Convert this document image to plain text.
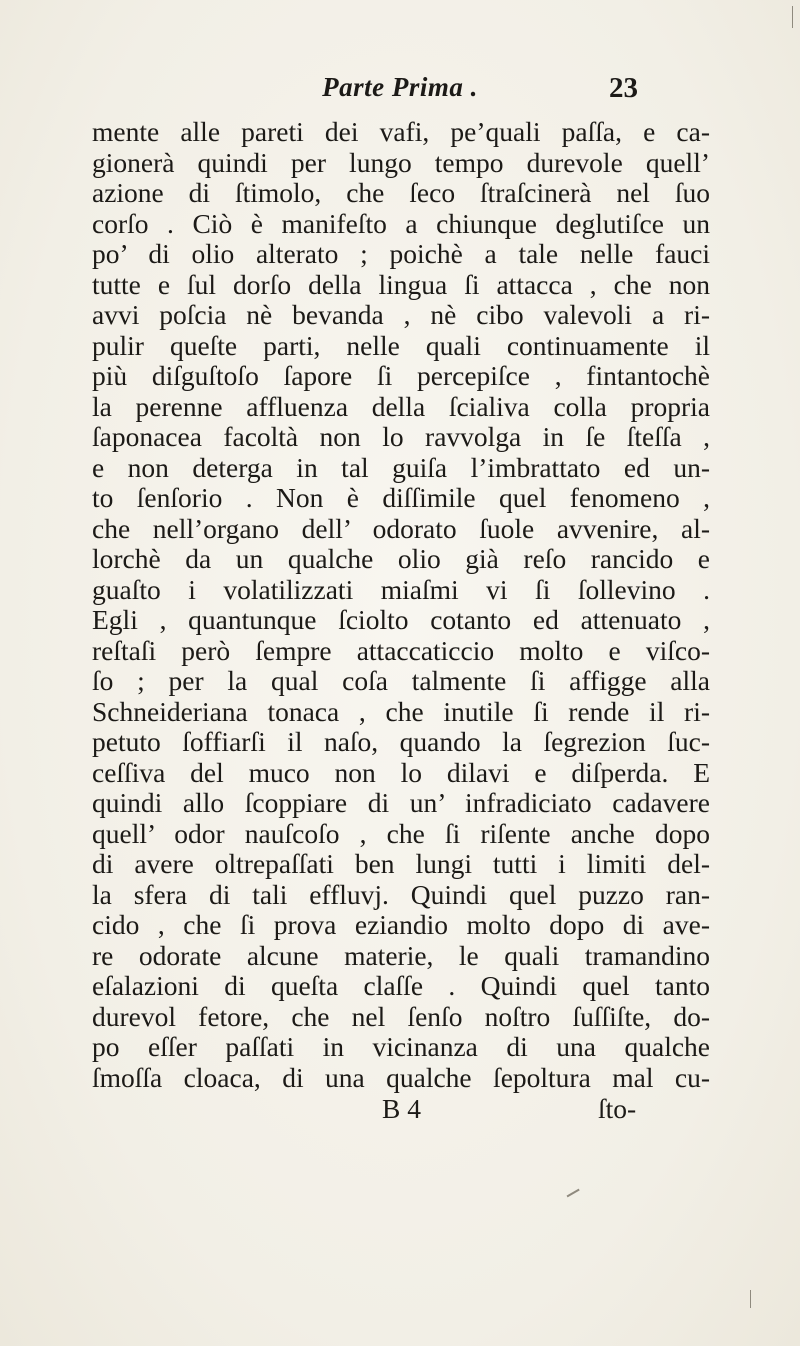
Parte Prima .	23
mente alle pareti dei vafi, pe’quali paſſa, e ca-
gionerà quindi per lungo tempo durevole quell’
azione di ſtimolo, che ſeco ſtraſcinerà nel ſuo
corſo . Ciò è manifeſto a chiunque deglutiſce un
po’ di olio alterato ; poichè a tale nelle fauci
tutte e ſul dorſo della lingua ſi attacca , che non
avvi poſcia nè bevanda , nè cibo valevoli a ri-
pulir queſte parti, nelle quali continuamente il
più diſguſtoſo ſapore ſi percepiſce , fintantochè
la perenne affluenza della ſcialiva colla propria
ſaponacea facoltà non lo ravvolga in ſe ſteſſa ,
e non deterga in tal guiſa l’imbrattato ed un-
to ſenſorio . Non è diſſimile quel fenomeno ,
che nell’organo dell’ odorato ſuole avvenire, al-
lorchè da un qualche olio già reſo rancido e
guaſto i volatilizzati miaſmi vi ſi ſollevino .
Egli , quantunque ſciolto cotanto ed attenuato ,
reſtaſi però ſempre attaccaticcio molto e viſco-
ſo ; per la qual coſa talmente ſi affigge alla
Schneideriana tonaca , che inutile ſi rende il ri-
petuto ſoffiarſi il naſo, quando la ſegrezion ſuc-
ceſſiva del muco non lo dilavi e diſperda. E
quindi allo ſcoppiare di un’ infradiciato cadavere
quell’ odor nauſcoſo , che ſi riſente anche dopo
di avere oltrepaſſati ben lungi tutti i limiti del-
la sfera di tali effluvj. Quindi quel puzzo ran-
cido , che ſi prova eziandio molto dopo di ave-
re odorate alcune materie, le quali tramandino
eſalazioni di queſta claſſe . Quindi quel tanto
durevol fetore, che nel ſenſo noſtro ſuſſiſte, do-
po eſſer paſſati in vicinanza di una qualche
ſmoſſa cloaca, di una qualche ſepoltura mal cu-
B 4	ſto-
